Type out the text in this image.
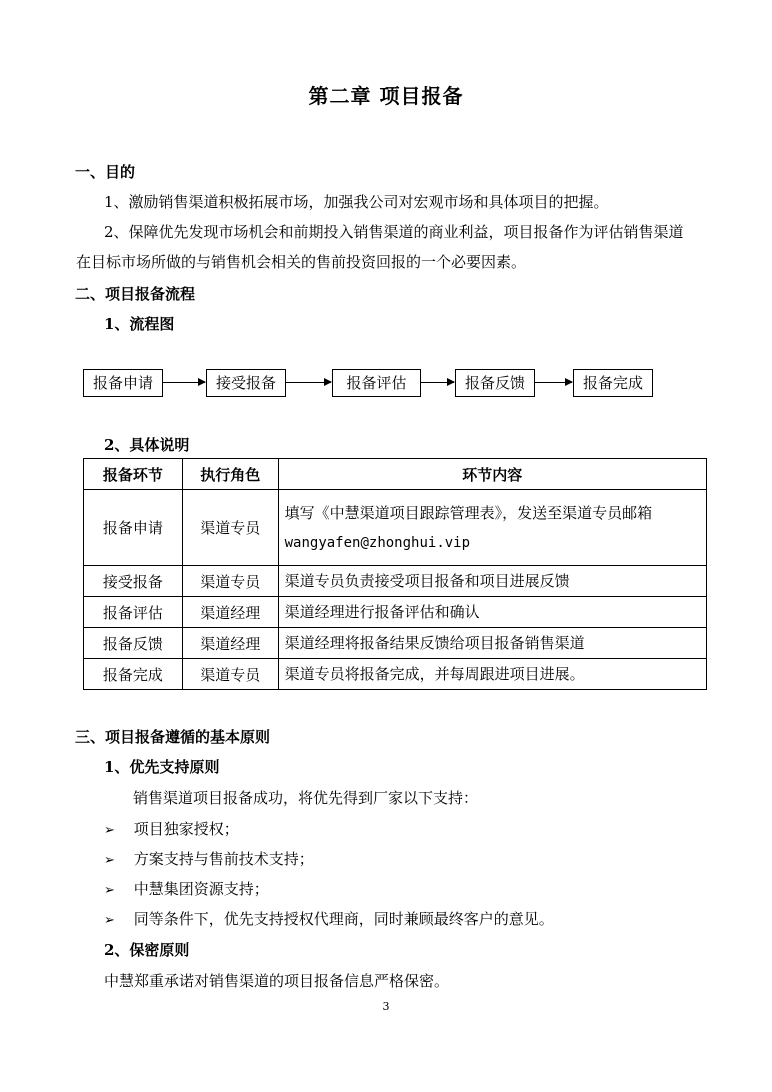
第二章 项目报备
一、目的
1、激励销售渠道积极拓展市场，加强我公司对宏观市场和具体项目的把握。
2、保障优先发现市场机会和前期投入销售渠道的商业利益，项目报备作为评估销售渠道
在目标市场所做的与销售机会相关的售前投资回报的一个必要因素。
二、项目报备流程
1、流程图
报备申请	接受报备	报备评估	报备反馈	报备完成
2、具体说明
报备环节	执行角色	环节内容
报备申请	渠道专员	填写《中慧渠道项目跟踪管理表》，发送至渠道专员邮箱
wangyafen@zhonghui.vip

接受报备	渠道专员	渠道专员负责接受项目报备和项目进展反馈
报备评估	渠道经理	渠道经理进行报备评估和确认
报备反馈	渠道经理	渠道经理将报备结果反馈给项目报备销售渠道
报备完成	渠道专员	渠道专员将报备完成，并每周跟进项目进展。
三、项目报备遵循的基本原则
1、优先支持原则
销售渠道项目报备成功，将优先得到厂家以下支持：
➢ 项目独家授权；
➢ 方案支持与售前技术支持；
➢ 中慧集团资源支持；
➢ 同等条件下，优先支持授权代理商，同时兼顾最终客户的意见。
2、保密原则
中慧郑重承诺对销售渠道的项目报备信息严格保密。
3
